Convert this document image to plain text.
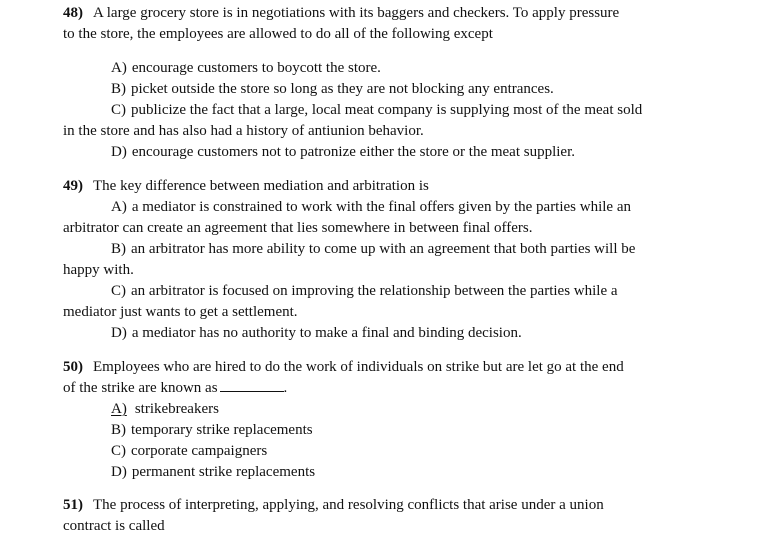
48) A large grocery store is in negotiations with its baggers and checkers. To apply pressure
to the store, the employees are allowed to do all of the following except
A) encourage customers to boycott the store.
B) picket outside the store so long as they are not blocking any entrances.
C) publicize the fact that a large, local meat company is supplying most of the meat sold
in the store and has also had a history of antiunion behavior.
D) encourage customers not to patronize either the store or the meat supplier.
49) The key difference between mediation and arbitration is
A) a mediator is constrained to work with the final offers given by the parties while an
arbitrator can create an agreement that lies somewhere in between final offers.
B) an arbitrator has more ability to come up with an agreement that both parties will be
happy with.
C) an arbitrator is focused on improving the relationship between the parties while a
mediator just wants to get a settlement.
D) a mediator has no authority to make a final and binding decision.
50) Employees who are hired to do the work of individuals on strike but are let go at the end
of the strike are known as	.
A) strikebreakers
B) temporary strike replacements
C) corporate campaigners
D) permanent strike replacements
51) The process of interpreting, applying, and resolving conflicts that arise under a union
contract is called
